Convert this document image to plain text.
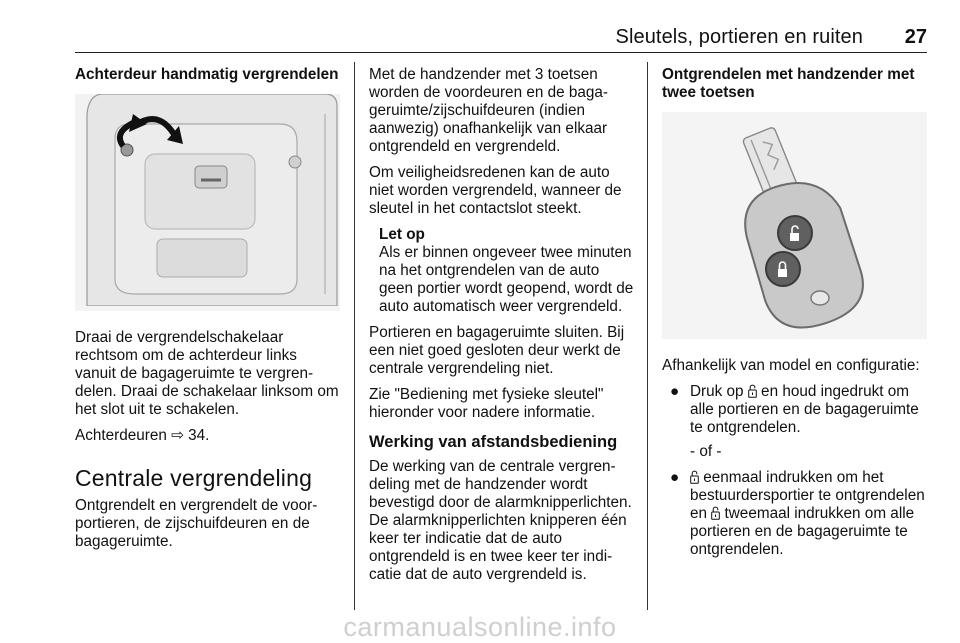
Sleutels, portieren en ruiten 27
Achterdeur handmatig vergrendelen

Draai de vergrendelschakelaar rechtsom om de achterdeur links vanuit de bagageruimte te vergrendelen. Draai de schakelaar linksom om het slot uit te schakelen.

Achterdeuren ⇨ 34.

Centrale vergrendeling

Ontgrendelt en vergrendelt de voorportieren, de zijschuifdeuren en de bagageruimte.

Met de handzender met 3 toetsen worden de voordeuren en de bagageruimte/zijschuifdeuren (indien aanwezig) onafhankelijk van elkaar ontgrendeld en vergrendeld.

Om veiligheidsredenen kan de auto niet worden vergrendeld, wanneer de sleutel in het contactslot steekt.

Let op
Als er binnen ongeveer twee minuten na het ontgrendelen van de auto geen portier wordt geopend, wordt de auto automatisch weer vergrendeld.

Portieren en bagageruimte sluiten. Bij een niet goed gesloten deur werkt de centrale vergrendeling niet.

Zie "Bediening met fysieke sleutel" hieronder voor nadere informatie.

Werking van afstandsbediening

De werking van de centrale vergrendeling met de handzender wordt bevestigd door de alarmknipperlichten. De alarmknipperlichten knipperen één keer ter indicatie dat de auto ontgrendeld is en twee keer ter indicatie dat de auto vergrendeld is.

Ontgrendelen met handzender met twee toetsen

Afhankelijk van model en configuratie:

● Druk op  en houd ingedrukt om alle portieren en de bagageruimte te ontgrendelen.
- of -
● eenmaal indrukken om het bestuurdersportier te ontgrendelen en  tweemaal indrukken om alle portieren en de bagageruimte te ontgrendelen.
carmanualsonline.info
